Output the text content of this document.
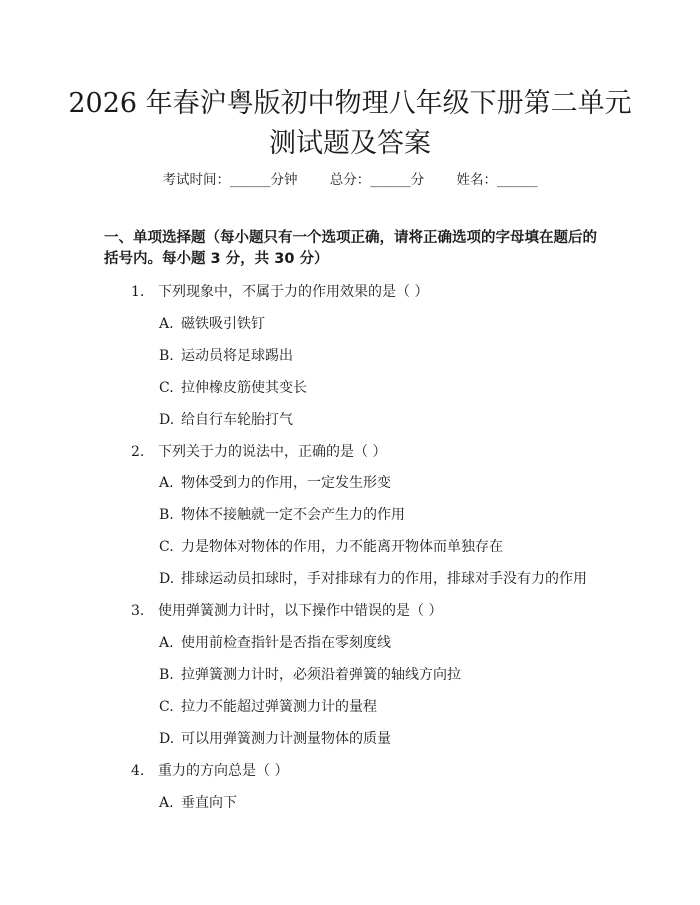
2026 年春沪粤版初中物理八年级下册第二单元测试题及答案
考试时间：______分钟 总分：______分 姓名：______
一、单项选择题（每小题只有一个选项正确，请将正确选项的字母填在题后的括号内。每小题 3 分，共 30 分）
1. 下列现象中，不属于力的作用效果的是（ ）
A. 磁铁吸引铁钉
B. 运动员将足球踢出
C. 拉伸橡皮筋使其变长
D. 给自行车轮胎打气
2. 下列关于力的说法中，正确的是（ ）
A. 物体受到力的作用，一定发生形变
B. 物体不接触就一定不会产生力的作用
C. 力是物体对物体的作用，力不能离开物体而单独存在
D. 排球运动员扣球时，手对排球有力的作用，排球对手没有力的作用
3. 使用弹簧测力计时，以下操作中错误的是（ ）
A. 使用前检查指针是否指在零刻度线
B. 拉弹簧测力计时，必须沿着弹簧的轴线方向拉
C. 拉力不能超过弹簧测力计的量程
D. 可以用弹簧测力计测量物体的质量
4. 重力的方向总是（ ）
A. 垂直向下
